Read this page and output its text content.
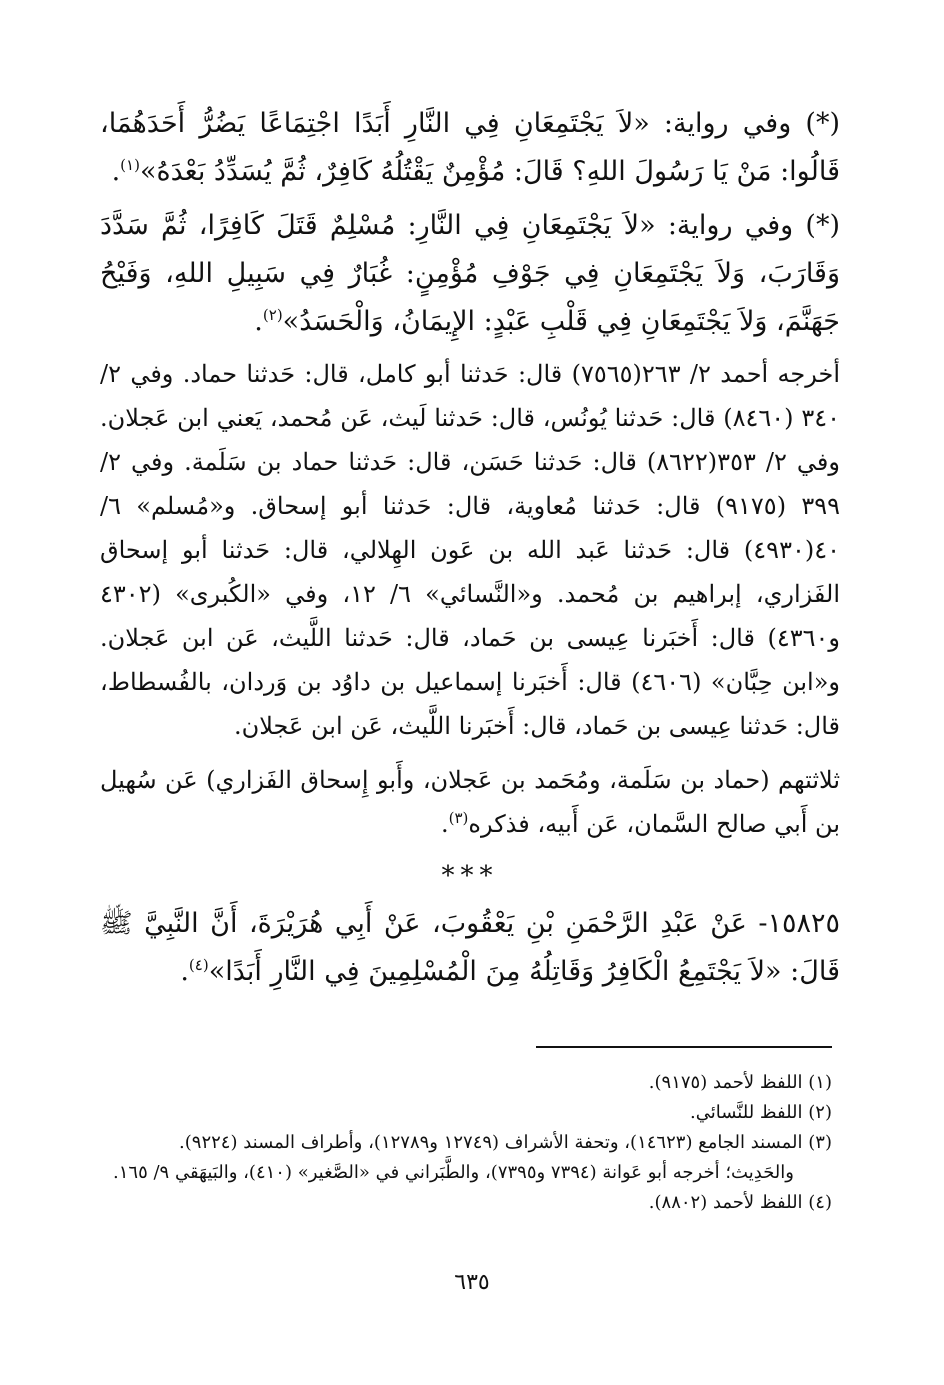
(*) وفي رواية: «لاَ يَجْتَمِعَانِ فِي النَّارِ أَبَدًا اجْتِمَاعًا يَضُرُّ أَحَدَهُمَا، قَالُوا: مَنْ يَا رَسُولَ اللهِ؟ قَالَ: مُؤْمِنٌ يَقْتُلُهُ كَافِرٌ، ثُمَّ يُسَدِّدُ بَعْدَهُ»$^{(١)}$.

(*) وفي رواية: «لاَ يَجْتَمِعَانِ فِي النَّارِ: مُسْلِمٌ قَتَلَ كَافِرًا، ثُمَّ سَدَّدَ وَقَارَبَ، وَلاَ يَجْتَمِعَانِ فِي جَوْفِ مُؤْمِنٍ: غُبَارٌ فِي سَبِيلِ اللهِ، وَفَيْحُ جَهَنَّمَ، وَلاَ يَجْتَمِعَانِ فِي قَلْبِ عَبْدٍ: الإِيمَانُ، وَالْحَسَدُ»$^{(٢)}$.

أخرجه أحمد ٢/ ٢٦٣(٧٥٦٥) قال: حَدثنا أبو كامل، قال: حَدثنا حماد. وفي ٢/ ٣٤٠ (٨٤٦٠) قال: حَدثنا يُونُس، قال: حَدثنا لَيث، عَن مُحمد، يَعني ابن عَجلان. وفي ٢/ ٣٥٣(٨٦٢٢) قال: حَدثنا حَسَن، قال: حَدثنا حماد بن سَلَمة. وفي ٢/ ٣٩٩ (٩١٧٥) قال: حَدثنا مُعاوية، قال: حَدثنا أبو إسحاق. و«مُسلم» ٦/ ٤٠(٤٩٣٠) قال: حَدثنا عَبد الله بن عَون الهِلالي، قال: حَدثنا أبو إسحاق الفَزاري، إبراهيم بن مُحمد. و«النَّسائي» ٦/ ١٢، وفي «الكُبرى» (٤٣٠٢ و٤٣٦٠) قال: أَخبَرنا عِيسى بن حَماد، قال: حَدثنا اللَّيث، عَن ابن عَجلان. و«ابن حِبَّان» (٤٦٠٦) قال: أَخبَرنا إسماعيل بن داوُد بن وَردان، بالفُسطاط، قال: حَدثنا عِيسى بن حَماد، قال: أَخبَرنا اللَّيث، عَن ابن عَجلان.

ثلاثتهم (حماد بن سَلَمة، ومُحَمد بن عَجلان، وأَبو إِسحاق الفَزاري) عَن سُهيل بن أَبي صالح السَّمان، عَن أَبيه، فذكره$^{(٣)}$.

***

١٥٨٢٥- عَنْ عَبْدِ الرَّحْمَنِ بْنِ يَعْقُوبَ، عَنْ أَبِي هُرَيْرَةَ، أَنَّ النَّبِيَّ ﷺ قَالَ: «لاَ يَجْتَمِعُ الْكَافِرُ وَقَاتِلُهُ مِنَ الْمُسْلِمِينَ فِي النَّارِ أَبَدًا»$^{(٤)}$.

(١) اللفظ لأحمد (٩١٧٥).

(٢) اللفظ للنَّسائي.

(٣) المسند الجامع (١٤٦٢٣)، وتحفة الأشراف (١٢٧٤٩ و١٢٧٨٩)، وأطراف المسند (٩٢٢٤).

والحَدِيث؛ أخرجه أبو عَوانة (٧٣٩٤ و٧٣٩٥)، والطَّبَراني في «الصَّغير» (٤١٠)، والبَيهَقي ٩/ ١٦٥.

(٤) اللفظ لأحمد (٨٨٠٢).

٦٣٥
